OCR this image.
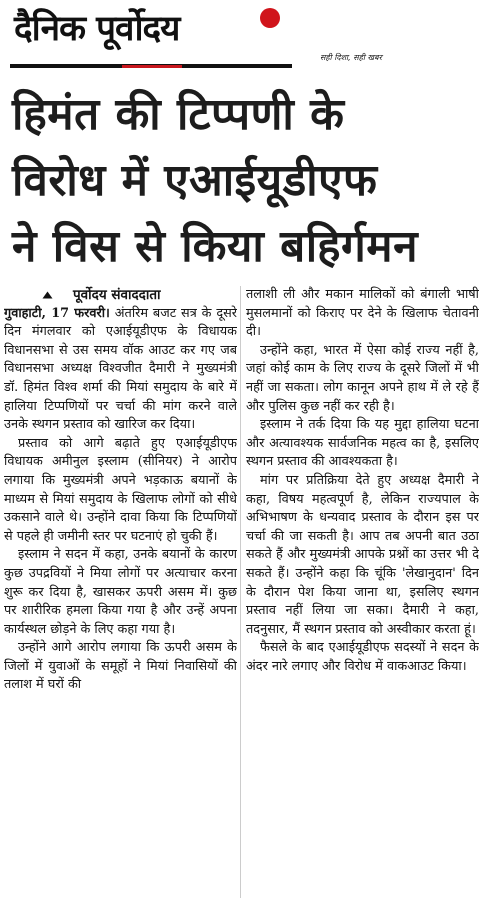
दैनिक पूर्वोदय
सही दिशा, सही खबर
हिमंत की टिप्पणी के
विरोध में एआईयूडीएफ
ने विस से किया बहिर्गमन

पूर्वोदय संवाददाता

गुवाहाटी, 17 फरवरी। अंतरिम बजट सत्र के दूसरे दिन मंगलवार को एआईयूडीएफ के विधायक विधानसभा से उस समय वॉक आउट कर गए जब विधानसभा अध्यक्ष विश्वजीत दैमारी ने मुख्यमंत्री डॉ. हिमंत विश्व शर्मा की मियां समुदाय के बारे में हालिया टिप्पणियों पर चर्चा की मांग करने वाले उनके स्थगन प्रस्ताव को खारिज कर दिया।

प्रस्ताव को आगे बढ़ाते हुए एआईयूडीएफ विधायक अमीनुल इस्लाम (सीनियर) ने आरोप लगाया कि मुख्यमंत्री अपने भड़काऊ बयानों के माध्यम से मियां समुदाय के खिलाफ लोगों को सीधे उकसाने वाले थे। उन्होंने दावा किया कि टिप्पणियों से पहले ही जमीनी स्तर पर घटनाएं हो चुकी हैं।

इस्लाम ने सदन में कहा, उनके बयानों के कारण कुछ उपद्रवियों ने मिया लोगों पर अत्याचार करना शुरू कर दिया है, खासकर ऊपरी असम में। कुछ पर शारीरिक हमला किया गया है और उन्हें अपना कार्यस्थल छोड़ने के लिए कहा गया है।

उन्होंने आगे आरोप लगाया कि ऊपरी असम के जिलों में युवाओं के समूहों ने मियां निवासियों की तलाश में घरों की

तलाशी ली और मकान मालिकों को बंगाली भाषी मुसलमानों को किराए पर देने के खिलाफ चेतावनी दी।

उन्होंने कहा, भारत में ऐसा कोई राज्य नहीं है, जहां कोई काम के लिए राज्य के दूसरे जिलों में भी नहीं जा सकता। लोग कानून अपने हाथ में ले रहे हैं और पुलिस कुछ नहीं कर रही है।

इस्लाम ने तर्क दिया कि यह मुद्दा हालिया घटना और अत्यावश्यक सार्वजनिक महत्व का है, इसलिए स्थगन प्रस्ताव की आवश्यकता है।

मांग पर प्रतिक्रिया देते हुए अध्यक्ष दैमारी ने कहा, विषय महत्वपूर्ण है, लेकिन राज्यपाल के अभिभाषण के धन्यवाद प्रस्ताव के दौरान इस पर चर्चा की जा सकती है। आप तब अपनी बात उठा सकते हैं और मुख्यमंत्री आपके प्रश्नों का उत्तर भी दे सकते हैं। उन्होंने कहा कि चूंकि 'लेखानुदान' दिन के दौरान पेश किया जाना था, इसलिए स्थगन प्रस्ताव नहीं लिया जा सका। दैमारी ने कहा, तदनुसार, मैं स्थगन प्रस्ताव को अस्वीकार करता हूं।

फैसले के बाद एआईयूडीएफ सदस्यों ने सदन के अंदर नारे लगाए और विरोध में वाकआउट किया।
